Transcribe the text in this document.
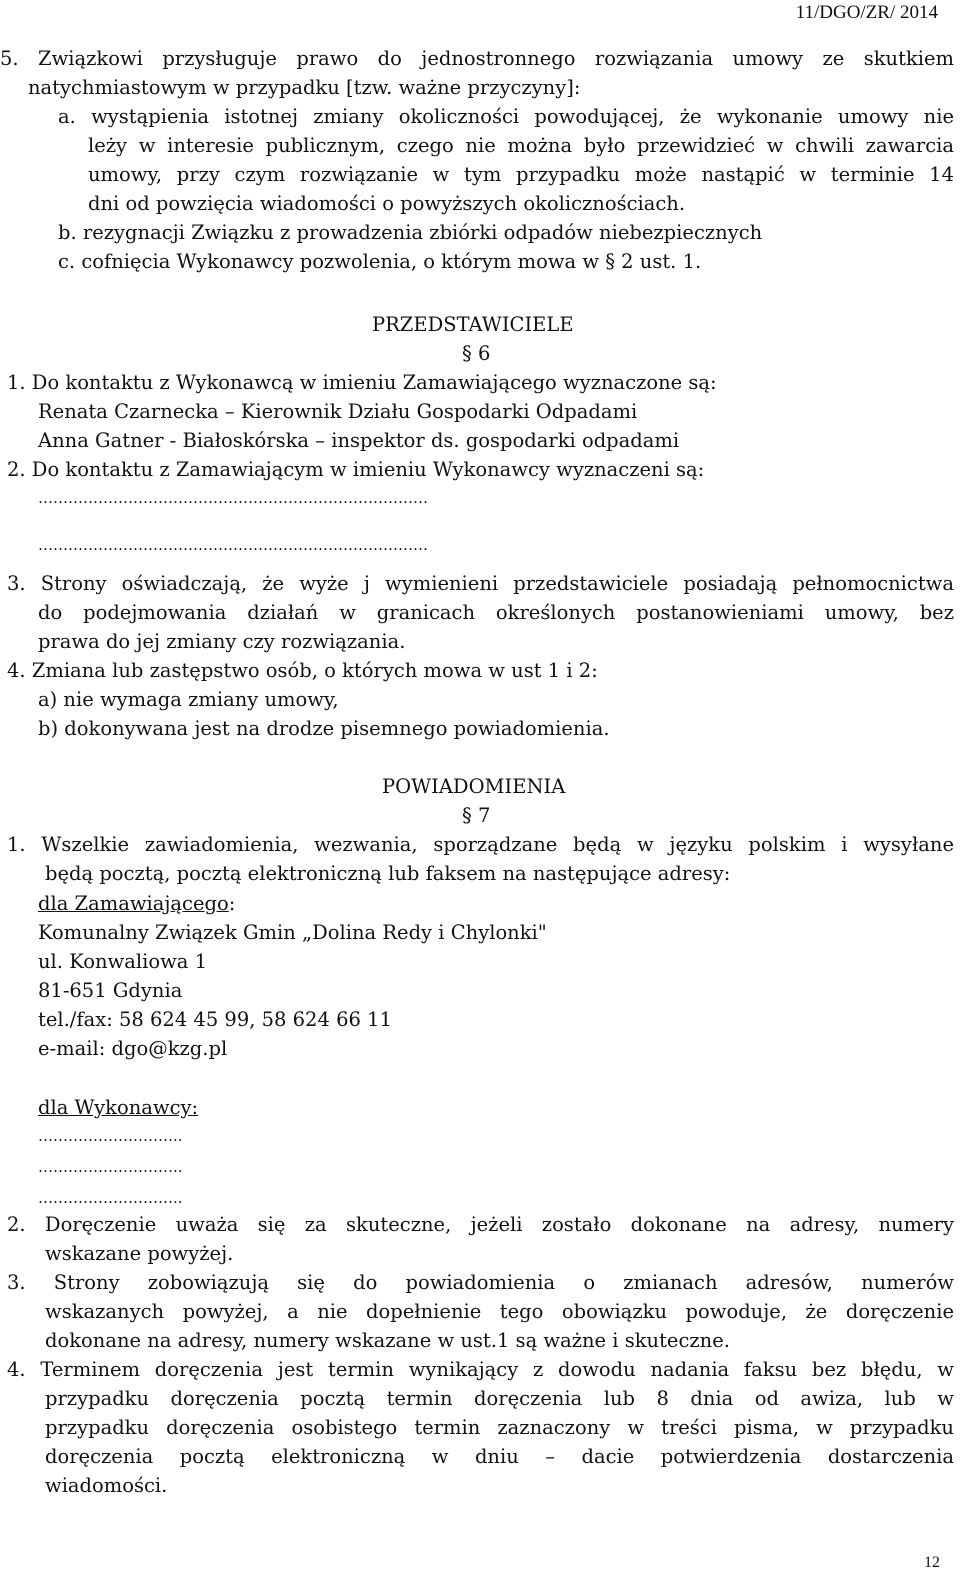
11/DGO/ZR/ 2014
5. Związkowi przysługuje prawo do jednostronnego rozwiązania umowy ze skutkiem
natychmiastowym w przypadku [tzw. ważne przyczyny]:
a. wystąpienia istotnej zmiany okoliczności powodującej, że wykonanie umowy nie
leży w interesie publicznym, czego nie można było przewidzieć w chwili zawarcia
umowy, przy czym rozwiązanie w tym przypadku może nastąpić w terminie 14
dni od powzięcia wiadomości o powyższych okolicznościach.
b. rezygnacji Związku z prowadzenia zbiórki odpadów niebezpiecznych
c. cofnięcia Wykonawcy pozwolenia, o którym mowa w § 2 ust. 1.
PRZEDSTAWICIELE
§ 6
1. Do kontaktu z Wykonawcą w imieniu Zamawiającego wyznaczone są:
Renata Czarnecka – Kierownik Działu Gospodarki Odpadami
Anna Gatner - Białoskórska – inspektor ds. gospodarki odpadami
2. Do kontaktu z Zamawiającym w imieniu Wykonawcy wyznaczeni są:
……………………………………………………………………
……………………………………………………………………
3. Strony oświadczają, że wyże j wymienieni przedstawiciele posiadają pełnomocnictwa
do podejmowania działań w granicach określonych postanowieniami umowy, bez
prawa do jej zmiany czy rozwiązania.
4. Zmiana lub zastępstwo osób, o których mowa w ust 1 i 2:
a) nie wymaga zmiany umowy,
b) dokonywana jest na drodze pisemnego powiadomienia.
POWIADOMIENIA
§ 7
1. Wszelkie zawiadomienia, wezwania, sporządzane będą w języku polskim i wysyłane
będą pocztą, pocztą elektroniczną lub faksem na następujące adresy:
dla Zamawiającego:
Komunalny Związek Gmin „Dolina Redy i Chylonki"
ul. Konwaliowa 1
81-651 Gdynia
tel./fax: 58 624 45 99, 58 624 66 11
e-mail: dgo@kzg.pl
dla Wykonawcy:
………………………..
………………………..
………………………..
2. Doręczenie uważa się za skuteczne, jeżeli zostało dokonane na adresy, numery
wskazane powyżej.
3. Strony zobowiązują się do powiadomienia o zmianach adresów, numerów
wskazanych powyżej, a nie dopełnienie tego obowiązku powoduje, że doręczenie
dokonane na adresy, numery wskazane w ust.1 są ważne i skuteczne.
4. Terminem doręczenia jest termin wynikający z dowodu nadania faksu bez błędu, w
przypadku doręczenia pocztą termin doręczenia lub 8 dnia od awiza, lub w
przypadku doręczenia osobistego termin zaznaczony w treści pisma, w przypadku
doręczenia pocztą elektroniczną w dniu – dacie potwierdzenia dostarczenia
wiadomości.
12
